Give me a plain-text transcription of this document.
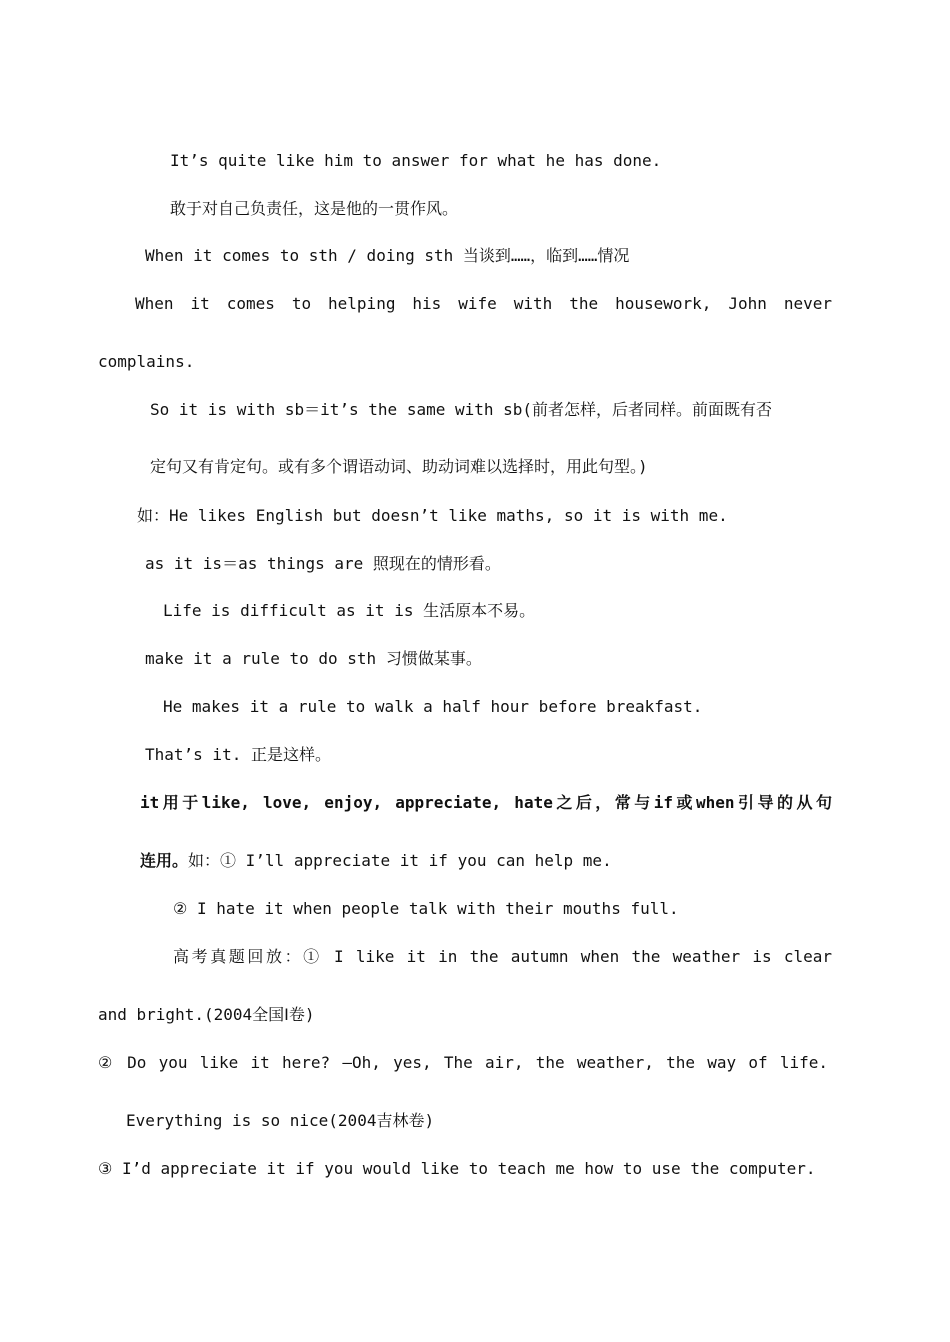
It’s quite like him to answer for what he has done.
敢于对自己负责任，这是他的一贯作风。
When it comes to sth / doing sth 当谈到……，临到……情况
When it comes to helping his wife with the housework, John never
complains.
So it is with sb＝it’s the same with sb(前者怎样，后者同样。前面既有否
定句又有肯定句。或有多个谓语动词、助动词难以选择时，用此句型。)
如：He likes English but doesn’t like maths, so it is with me.
as it is＝as things are 照现在的情形看。
Life is difficult as it is 生活原本不易。
make it a rule to do sth 习惯做某事。
He makes it a rule to walk a half hour before breakfast.
That’s it. 正是这样。
it用于like, love, enjoy, appreciate, hate之后，常与if或when引导的从句
连用。如：① I’ll appreciate it if you can help me.
② I hate it when people talk with their mouths full.
高考真题回放：① I like it in the autumn when the weather is clear
and bright.(2004全国Ⅰ卷)
② Do you like it here? —Oh, yes, The air, the weather, the way of life.
Everything is so nice(2004吉林卷)
③ I’d appreciate it if you would like to teach me how to use the computer.
